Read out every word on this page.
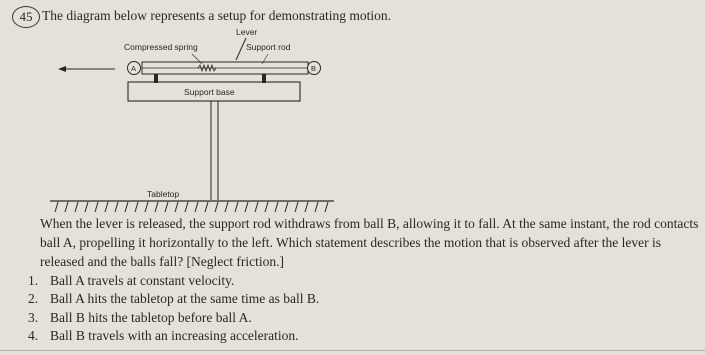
45 The diagram below represents a setup for demonstrating motion.
Lever
Compressed spring	Support rod
A	B
Support base
Tabletop
When the lever is released, the support rod withdraws from ball B, allowing it to fall. At the same instant, the rod contacts ball A, propelling it horizontally to the left. Which statement describes the motion that is observed after the lever is released and the balls fall? [Neglect friction.]
1. Ball A travels at constant velocity.
2. Ball A hits the tabletop at the same time as ball B.
3. Ball B hits the tabletop before ball A.
4. Ball B travels with an increasing acceleration.
